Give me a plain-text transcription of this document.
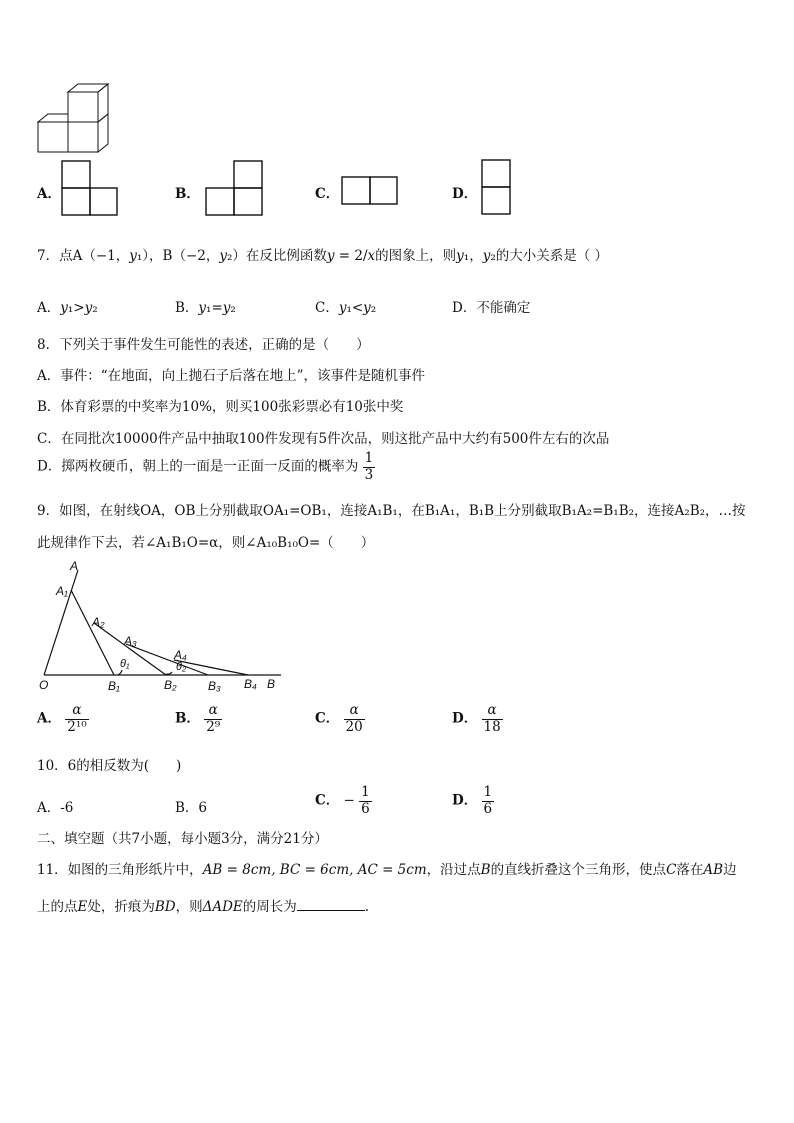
A．	B．	C．	D．
7．点A（−1，𝑦₁），B（−2，𝑦₂）在反比例函数𝑦 = 2/𝑥的图象上，则𝑦₁，𝑦₂的大小关系是（ ）
A．𝑦₁>𝑦₂	B．𝑦₁=𝑦₂	C．𝑦₁<𝑦₂	D．不能确定
8．下列关于事件发生可能性的表述，正确的是（　　）
A．事件：“在地面，向上抛石子后落在地上”，该事件是随机事件
B．体育彩票的中奖率为10%，则买100张彩票必有10张中奖
C．在同批次10000件产品中抽取100件发现有5件次品，则这批产品中大约有500件左右的次品
D．掷两枚硬币，朝上的一面是一正面一反面的概率为 $\frac{1}{3}$
9．如图，在射线OA，OB上分别截取OA₁=OB₁，连接A₁B₁，在B₁A₁，B₁B上分别截取B₁A₂=B₁B₂，连接A₂B₂，…按
此规律作下去，若∠A₁B₁O=α，则∠A₁₀B₁₀O=（　　）
A
A₁
A₂
A₃
A₄
O	B₁	B₂	B₃ B₄ B
θ₁	θ₂
A． $\frac{\alpha}{\text{2¹⁰}}$	B． $\frac{\alpha}{\text{2⁹}}$	C． $\frac{\alpha}{20}$	D． $\frac{\alpha}{18}$
10．6的相反数为(　　)
A．-6	B．6	C． − $\frac{1}{6}$	D． $\frac{1}{6}$
二、填空题（共7小题，每小题3分，满分21分）
11．如图的三角形纸片中，AB = 8cm, BC = 6cm, AC = 5cm，沿过点B的直线折叠这个三角形，使点C落在AB边
上的点E处，折痕为BD，则ΔADE的周长为	.
